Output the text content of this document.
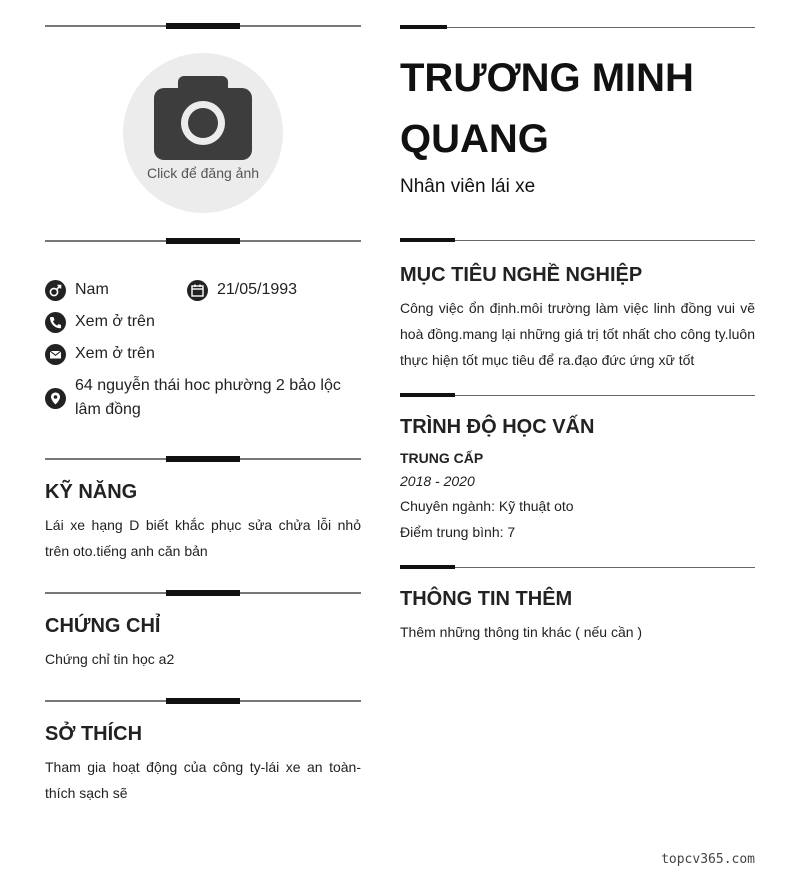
Click để đăng ảnh
Nam	21/05/1993
Xem ở trên
Xem ở trên
64 nguyễn thái hoc phường 2 bảo lộc lâm đồng
KỸ NĂNG
Lái xe hạng D biết khắc phục sửa chửa lỗi nhỏ trên oto.tiếng anh căn bản
CHỨNG CHỈ
Chứng chỉ tin học a2
SỞ THÍCH
Tham gia hoạt động của công ty-lái xe an toàn-thích sạch sẽ
TRƯƠNG MINH QUANG
Nhân viên lái xe
MỤC TIÊU NGHỀ NGHIỆP
Công việc ổn định.môi trường làm việc linh đồng vui vẽ hoà đồng.mang lại những giá trị tốt nhất cho công ty.luôn thực hiện tốt mục tiêu để ra.đạo đức ứng xữ tốt
TRÌNH ĐỘ HỌC VẤN
TRUNG CẤP
2018 - 2020
Chuyên ngành: Kỹ thuật oto
Điểm trung bình: 7
THÔNG TIN THÊM
Thêm những thông tin khác ( nếu cần )
topcv365.com
